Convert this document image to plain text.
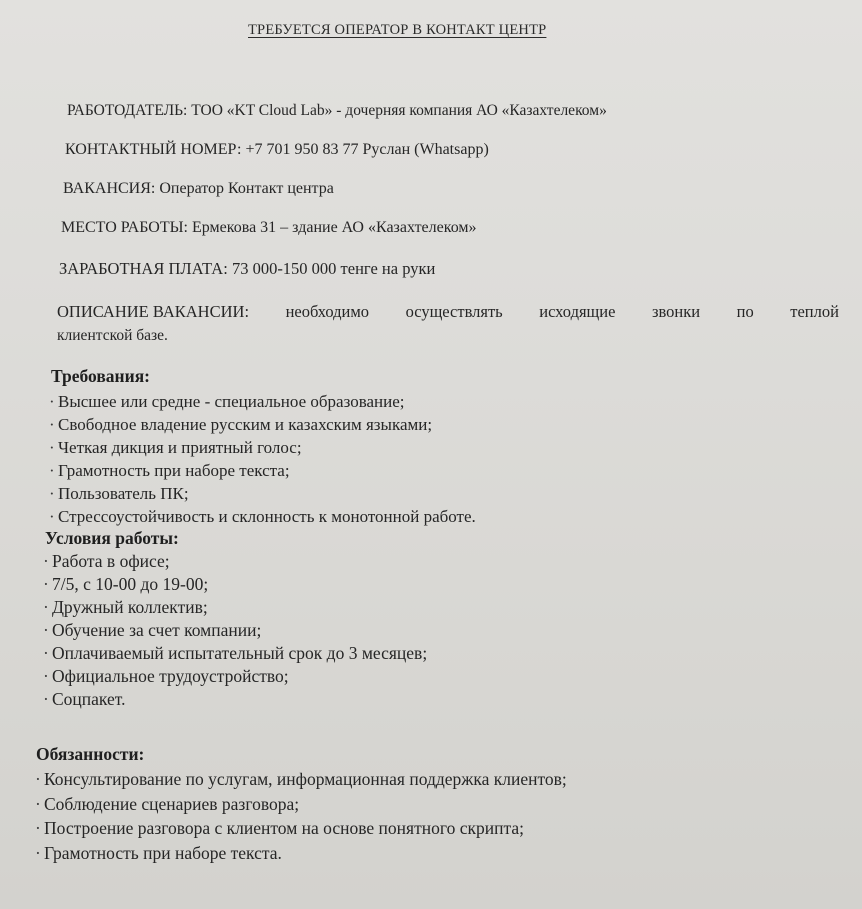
ТРЕБУЕТСЯ ОПЕРАТОР В КОНТАКТ ЦЕНТР
РАБОТОДАТЕЛЬ: ТОО «KT Cloud Lab» - дочерняя компания АО «Казахтелеком»
КОНТАКТНЫЙ НОМЕР: +7 701 950 83 77 Руслан (Whatsapp)
ВАКАНСИЯ: Оператор Контакт центра
МЕСТО РАБОТЫ: Ермекова 31 – здание АО «Казахтелеком»
ЗАРАБОТНАЯ ПЛАТА: 73 000-150 000 тенге на руки
ОПИСАНИЕ ВАКАНСИИ: необходимо осуществлять исходящие звонки по теплой
клиентской базе.
Требования:
· Высшее или средне - специальное образование;
· Свободное владение русским и казахским языками;
· Четкая дикция и приятный голос;
· Грамотность при наборе текста;
· Пользователь ПК;
· Стрессоустойчивость и склонность к монотонной работе.
Условия работы:
· Работа в офисе;
· 7/5, с 10-00 до 19-00;
· Дружный коллектив;
· Обучение за счет компании;
· Оплачиваемый испытательный срок до 3 месяцев;
· Официальное трудоустройство;
· Соцпакет.
Обязанности:
· Консультирование по услугам, информационная поддержка клиентов;
· Соблюдение сценариев разговора;
· Построение разговора с клиентом на основе понятного скрипта;
· Грамотность при наборе текста.
